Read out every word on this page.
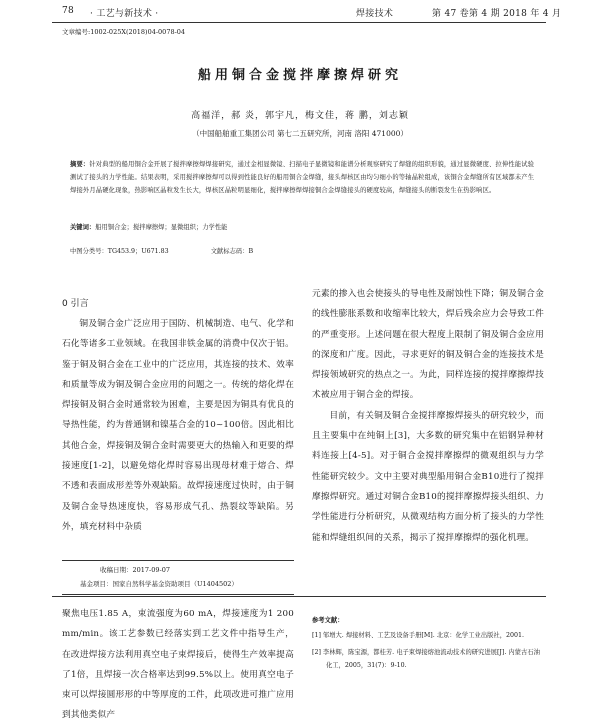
78 · 工艺与新技术 ·	焊接技术	第 47 卷第 4 期 2018 年 4 月
文章编号:1002-025X(2018)04-0078-04
船用铜合金搅拌摩擦焊研究
高福洋，郝 炎，郭宇凡，梅文佳，蒋 鹏，刘志颖
（中国船舶重工集团公司 第七二五研究所，河南 洛阳 471000）
摘要：针对典型的船用铜合金开展了搅拌摩擦焊焊接研究，通过金相显微镜、扫描电子显微镜和能谱分析观察研究了焊缝的组织形貌，通过显微硬度、拉伸性能试验测试了接头的力学性能。结果表明，采用搅拌摩擦焊可以得到性能良好的船用铜合金焊缝，接头焊核区由均匀细小的等轴晶粒组成，该铜合金焊缝所有区域都未产生焊接外月晶硬化现象，热影响区晶粒发生长大，焊核区晶粒明显细化，搅拌摩擦焊焊接铜合金焊缝接头的硬度较高，焊缝接头的断裂发生在热影响区。
关键词：船用铜合金；搅拌摩擦焊；显微组织；力学性能
中图分类号：TG453.9；U671.83	文献标志码：B
0 引言

铜及铜合金广泛应用于国防、机械制造、电气、化学和石化等诸多工业领域。在我国非铁金属的消费中仅次于铝。鉴于铜及铜合金在工业中的广泛应用，其连接的技术、效率和质量等成为铜及铜合金应用的问题之一。传统的熔化焊在焊接铜及铜合金时通常较为困难，主要是因为铜具有优良的导热性能，约为普通钢和镍基合金的10~100倍。因此相比其他合金，焊接铜及铜合金时需要更大的热输入和更要的焊接速度[1-2]，以避免熔化焊时容易出现母材难于熔合、焊不透和表面成形差等外观缺陷。故焊接速度过快时，由于铜及铜合金导热速度快，容易形成气孔、热裂纹等缺陷。另外，填充材料中杂质

收稿日期：2017-09-07
基金项目：国家自然科学基金资助项目（U1404502）

元素的掺入也会使接头的导电性及耐蚀性下降；铜及铜合金的线性膨胀系数和收缩率比较大，焊后残余应力会导致工件的严重变形。上述问题在很大程度上限制了铜及铜合金应用的深度和广度。因此，寻求更好的铜及铜合金的连接技术是焊接领域研究的热点之一。为此，同样连接的搅拌摩擦焊技术被应用于铜合金的焊接。

目前，有关铜及铜合金搅拌摩擦焊接头的研究较少，而且主要集中在纯铜上[3]，大多数的研究集中在铝钢异种材料连接上[4-5]。对于铜合金搅拌摩擦焊的微观组织与力学性能研究较少。文中主要对典型船用铜合金B10进行了搅拌摩擦焊研究。通过对铜合金B10的搅拌摩擦焊接头组织、力学性能进行分析研究，从微观结构方面分析了接头的力学性能和焊缝组织间的关系，揭示了搅拌摩擦焊的强化机理。

聚焦电压1.85 A，束流强度为60 mA，焊接速度为1 200 mm/min。该工艺参数已经落实到工艺文件中指导生产，在改进焊接方法利用真空电子束焊接后，使得生产效率提高了1倍，且焊接一次合格率达到99.5%以上。使用真空电子束可以焊接圆形形的中等厚度的工件，此项改进可推广应用到其他类似产

参考文献：
[1] 邹增大. 焊接材料、工艺及设备手册[M]. 北京：化学工业出版社，2001.
[2] 李林辉，陈宝源，都桂芳. 电子束焊接熔池流动技术的研究进展[J]. 内蒙古石油化工，2005，31(7)：9-10.
